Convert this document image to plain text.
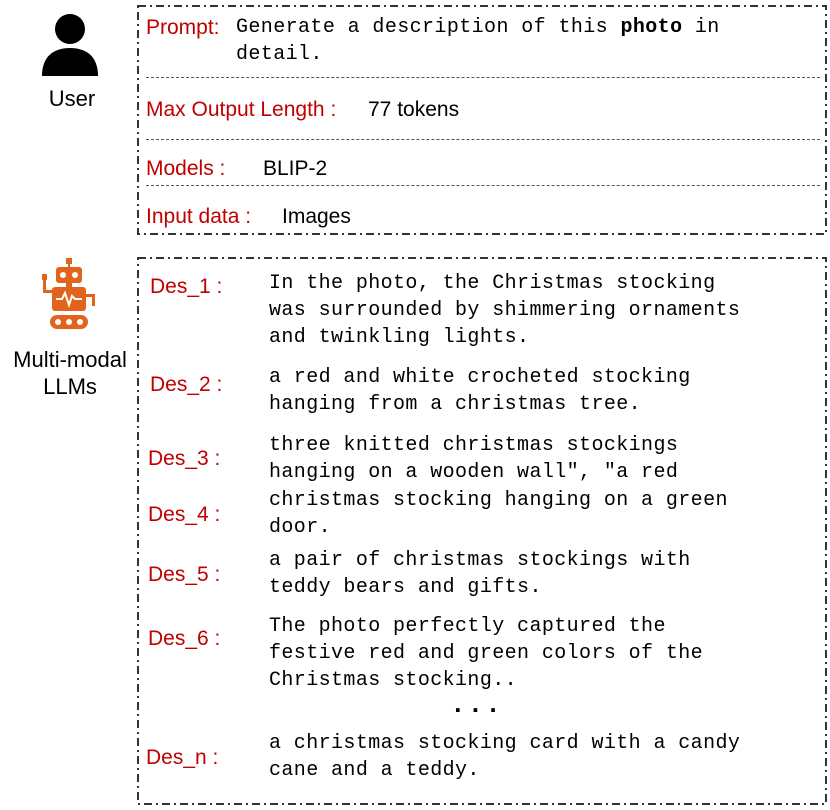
User
Multi-modal
LLMs
Prompt: Generate a description of this photo in
detail.
Max Output Length : 77 tokens
Models : BLIP-2
Input data : Images
Des_1 : In the photo, the Christmas stocking
was surrounded by shimmering ornaments
and twinkling lights.
Des_2 : a red and white crocheted stocking
hanging from a christmas tree.
Des_3 :
three knitted christmas stockings
hanging on a wooden wall", "a red
Des_4 :
christmas stocking hanging on a green
door.
Des_5 :
a pair of christmas stockings with
teddy bears and gifts.
Des_6 :
The photo perfectly captured the
festive red and green colors of the
Christmas stocking..
...
Des_n :
a christmas stocking card with a candy
cane and a teddy.
